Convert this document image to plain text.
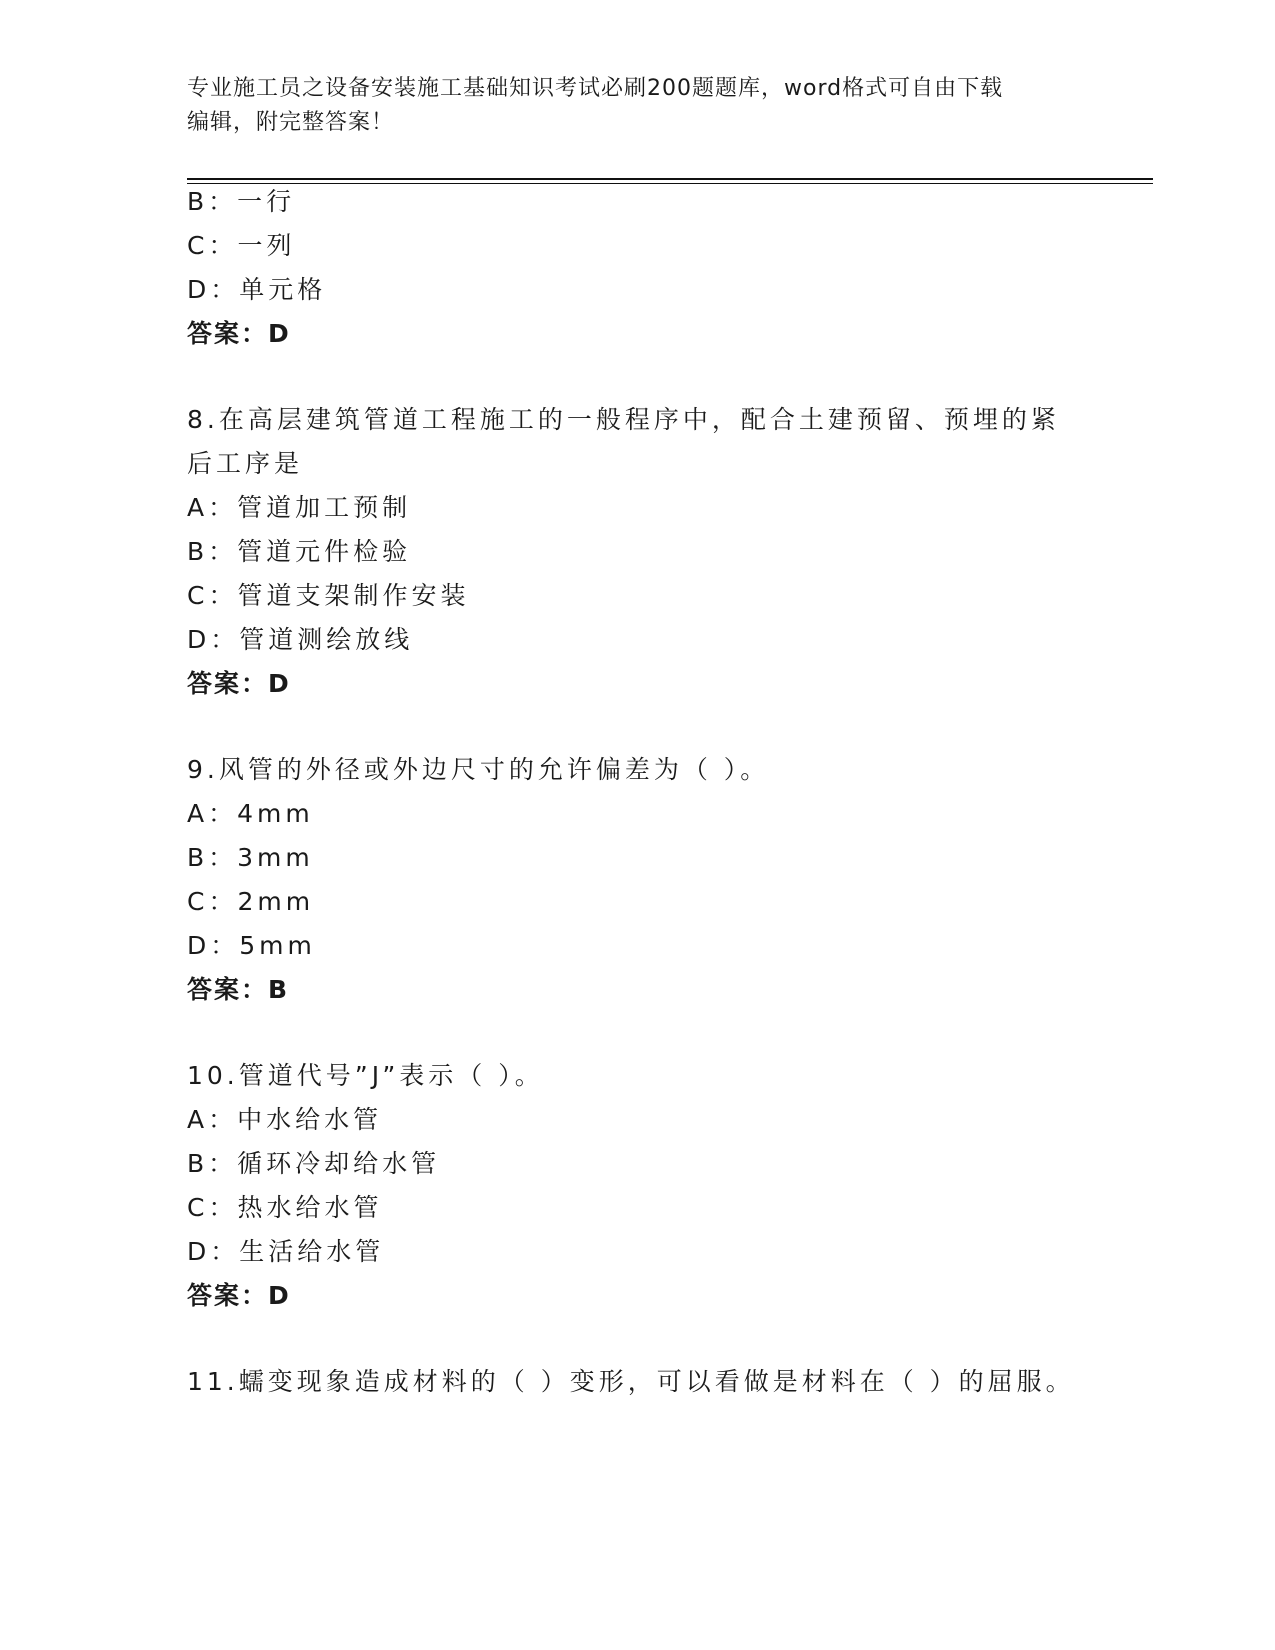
专业施工员之设备安装施工基础知识考试必刷200题题库，word格式可自由下载
编辑，附完整答案！
B：一行
C：一列
D：单元格
答案：D
8.在高层建筑管道工程施工的一般程序中，配合土建预留、预埋的紧
后工序是
A：管道加工预制
B：管道元件检验
C：管道支架制作安装
D：管道测绘放线
答案：D
9.风管的外径或外边尺寸的允许偏差为（ ）。
A：4mm
B：3mm
C：2mm
D：5mm
答案：B
10.管道代号”J”表示（ ）。
A：中水给水管
B：循环冷却给水管
C：热水给水管
D：生活给水管
答案：D
11.蠕变现象造成材料的（ ）变形，可以看做是材料在（ ）的屈服。
